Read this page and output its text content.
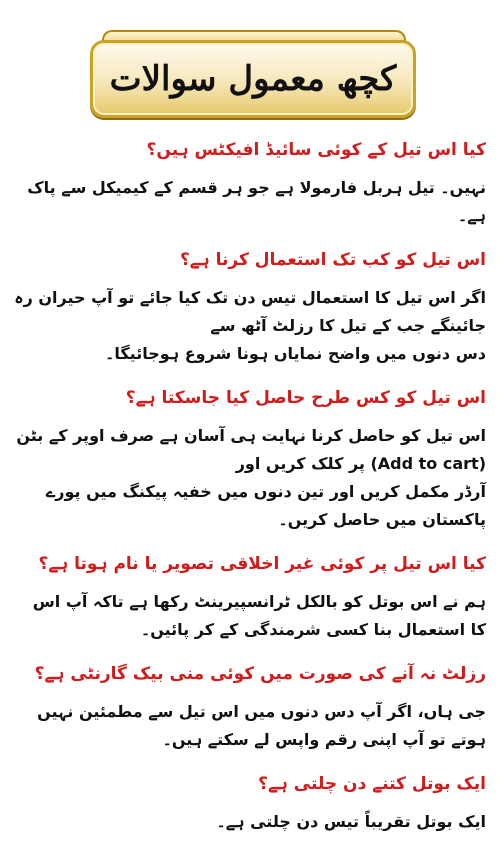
کچھ معمول سوالات
کیا اس تیل کے کوئی سائیڈ افیکٹس ہیں؟
نہیں۔ تیل ہربل فارمولا ہے جو ہر قسم کے کیمیکل سے پاک ہے۔
اس تیل کو کب تک استعمال کرنا ہے؟
اگر اس تیل کا استعمال تیس دن تک کیا جائے تو آپ حیران رہ جائینگے جب کے تیل کا رزلٹ آٹھ سے
دس دنوں میں واضح نمایاں ہونا شروع ہوجائیگا۔
اس تیل کو کس طرح حاصل کیا جاسکتا ہے؟
اس تیل کو حاصل کرنا نہایت ہی آسان ہے صرف اوپر کے بٹن (Add to cart) پر کلک کریں اور
آرڈر مکمل کریں اور تین دنوں میں خفیہ پیکنگ میں پورے پاکستان میں حاصل کریں۔
کیا اس تیل پر کوئی غیر اخلاقی تصویر یا نام ہوتا ہے؟
ہم نے اس بوتل کو بالکل ٹرانسپیرینٹ رکھا ہے تاکہ آپ اس کا استعمال بنا کسی شرمندگی کے کر پائیں۔
رزلٹ نہ آنے کی صورت میں کوئی منی بیک گارنٹی ہے؟
جی ہاں، اگر آپ دس دنوں میں اس تیل سے مطمئین نہیں ہوتے تو آپ اپنی رقم واپس لے سکتے ہیں۔
ایک بوتل کتنے دن چلتی ہے؟
ایک بوتل تقریباً تیس دن چلتی ہے۔
